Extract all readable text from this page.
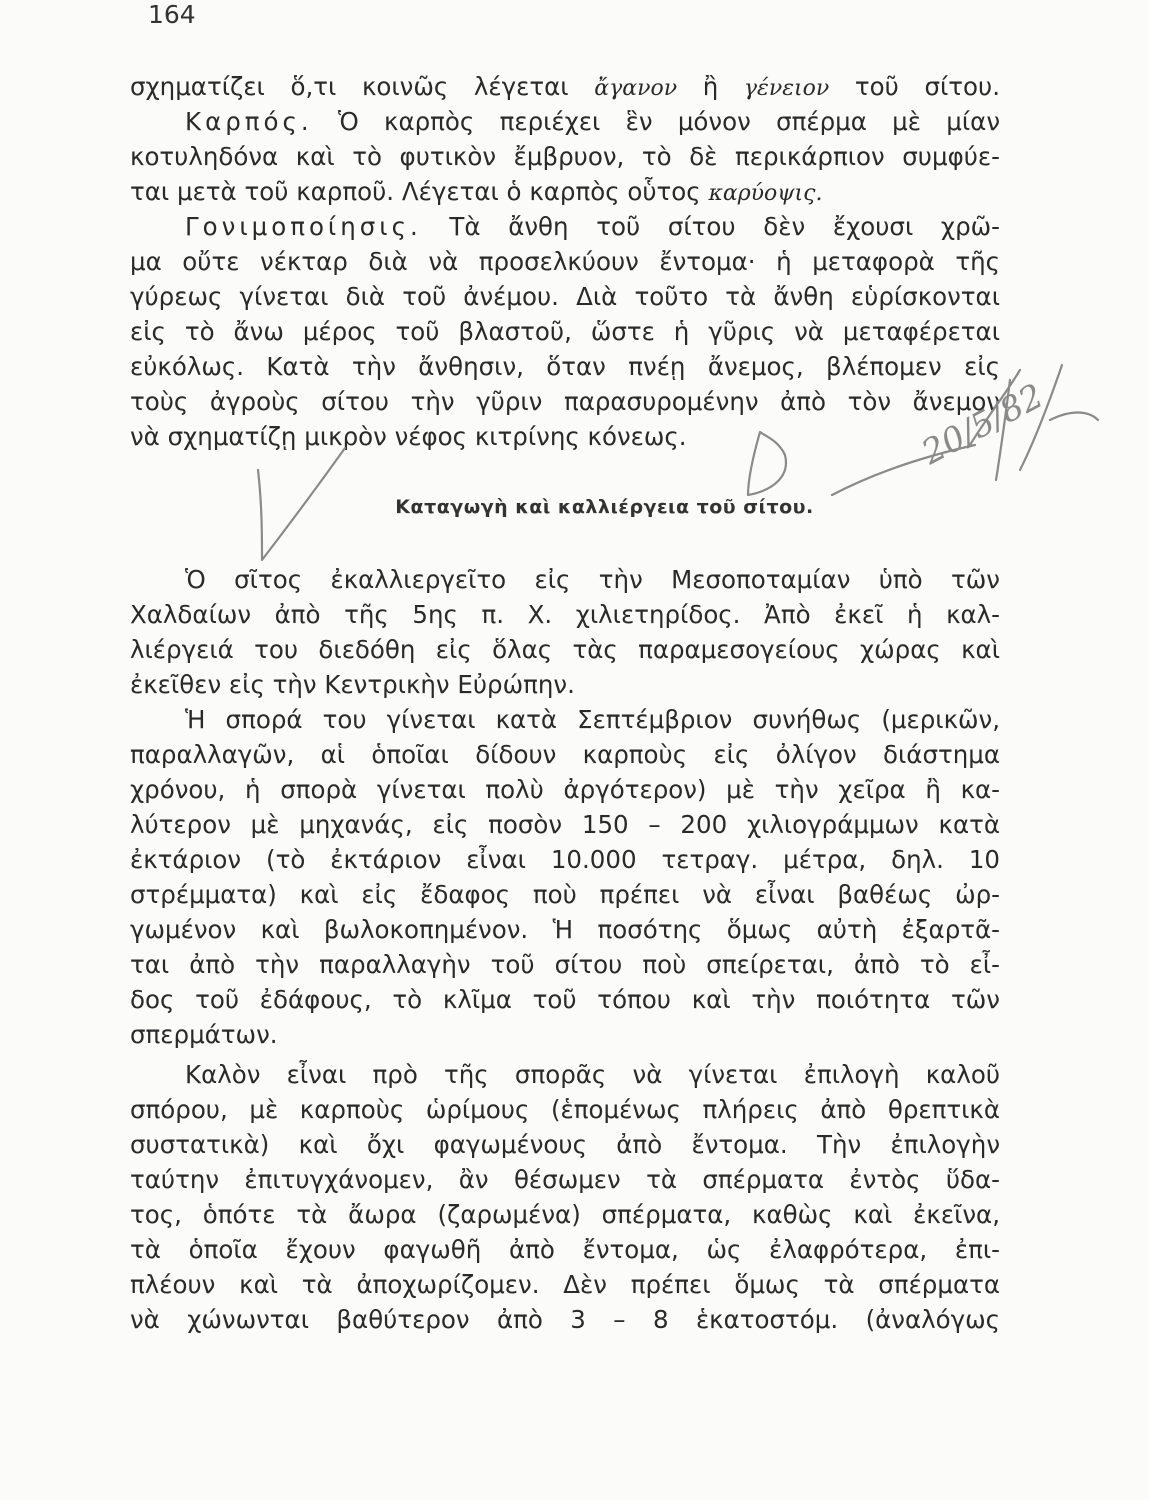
164
σχηματίζει ὅ,τι κοινῶς λέγεται ἄγανον ἢ γένειον τοῦ σίτου.
Καρπός. Ὁ καρπὸς περιέχει ἓν μόνον σπέρμα μὲ μίαν
κοτυληδόνα καὶ τὸ φυτικὸν ἔμβρυον, τὸ δὲ περικάρπιον συμφύε-
ται μετὰ τοῦ καρποῦ. Λέγεται ὁ καρπὸς οὗτος καρύοψις.
Γονιμοποίησις. Τὰ ἄνθη τοῦ σίτου δὲν ἔχουσι χρῶ-
μα οὔτε νέκταρ διὰ νὰ προσελκύουν ἔντομα· ἡ μεταφορὰ τῆς
γύρεως γίνεται διὰ τοῦ ἀνέμου. Διὰ τοῦτο τὰ ἄνθη εὑρίσκονται
εἰς τὸ ἄνω μέρος τοῦ βλαστοῦ, ὥστε ἡ γῦρις νὰ μεταφέρεται
εὐκόλως. Κατὰ τὴν ἄνθησιν, ὅταν πνέῃ ἄνεμος, βλέπομεν εἰς
τοὺς ἀγροὺς σίτου τὴν γῦριν παρασυρομένην ἀπὸ τὸν ἄνεμον
νὰ σχηματίζῃ μικρὸν νέφος κιτρίνης κόνεως.
Καταγωγὴ καὶ καλλιέργεια τοῦ σίτου.
Ὁ σῖτος ἐκαλλιεργεῖτο εἰς τὴν Μεσοποταμίαν ὑπὸ τῶν
Χαλδαίων ἀπὸ τῆς 5ης π. Χ. χιλιετηρίδος. Ἀπὸ ἐκεῖ ἡ καλ-
λιέργειά του διεδόθη εἰς ὅλας τὰς παραμεσογείους χώρας καὶ
ἐκεῖθεν εἰς τὴν Κεντρικὴν Εὐρώπην.
Ἡ σπορά του γίνεται κατὰ Σεπτέμβριον συνήθως (μερικῶν,
παραλλαγῶν, αἱ ὁποῖαι δίδουν καρποὺς εἰς ὀλίγον διάστημα
χρόνου, ἡ σπορὰ γίνεται πολὺ ἀργότερον) μὲ τὴν χεῖρα ἢ κα-
λύτερον μὲ μηχανάς, εἰς ποσὸν 150 – 200 χιλιογράμμων κατὰ
ἐκτάριον (τὸ ἐκτάριον εἶναι 10.000 τετραγ. μέτρα, δηλ. 10
στρέμματα) καὶ εἰς ἔδαφος ποὺ πρέπει νὰ εἶναι βαθέως ὠρ-
γωμένον καὶ βωλοκοπημένον. Ἡ ποσότης ὅμως αὐτὴ ἐξαρτᾶ-
ται ἀπὸ τὴν παραλλαγὴν τοῦ σίτου ποὺ σπείρεται, ἀπὸ τὸ εἶ-
δος τοῦ ἐδάφους, τὸ κλῖμα τοῦ τόπου καὶ τὴν ποιότητα τῶν
σπερμάτων.
Καλὸν εἶναι πρὸ τῆς σπορᾶς νὰ γίνεται ἐπιλογὴ καλοῦ
σπόρου, μὲ καρποὺς ὡρίμους (ἑπομένως πλήρεις ἀπὸ θρεπτικὰ
συστατικὰ) καὶ ὄχι φαγωμένους ἀπὸ ἔντομα. Τὴν ἐπιλογὴν
ταύτην ἐπιτυγχάνομεν, ἂν θέσωμεν τὰ σπέρματα ἐντὸς ὕδα-
τος, ὁπότε τὰ ἄωρα (ζαρωμένα) σπέρματα, καθὼς καὶ ἐκεῖνα,
τὰ ὁποῖα ἔχουν φαγωθῆ ἀπὸ ἔντομα, ὡς ἐλαφρότερα, ἐπι-
πλέουν καὶ τὰ ἀποχωρίζομεν. Δὲν πρέπει ὅμως τὰ σπέρματα
νὰ χώνωνται βαθύτερον ἀπὸ 3 – 8 ἑκατοστόμ. (ἀναλόγως
20/5/82
